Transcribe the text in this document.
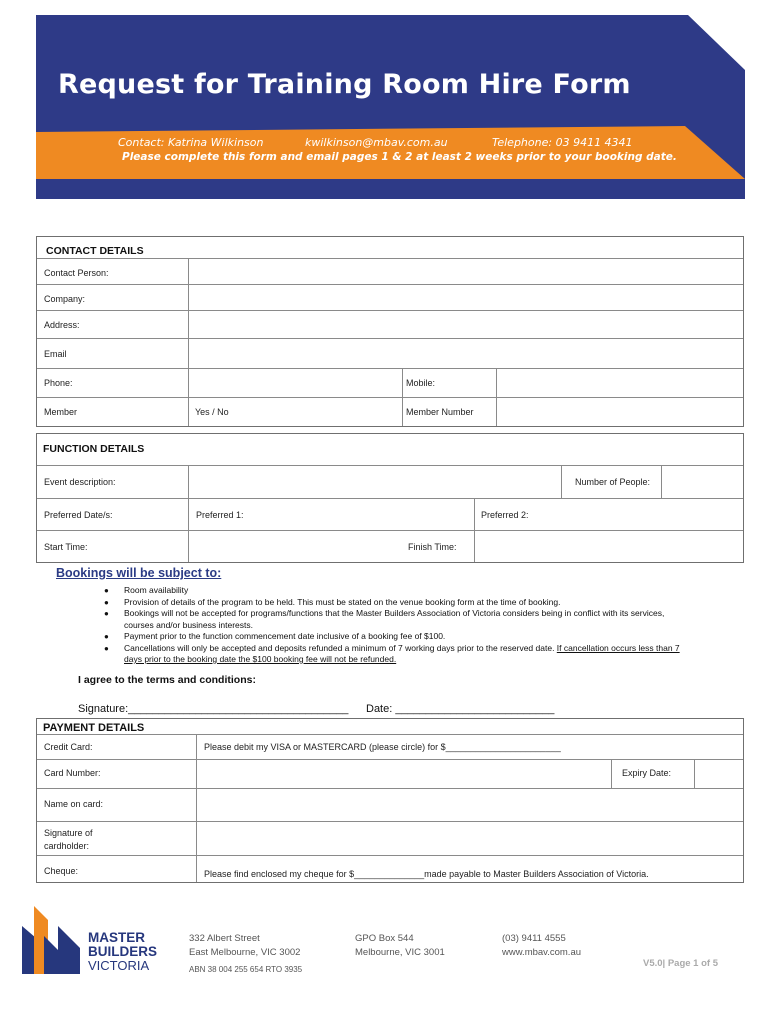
Request for Training Room Hire Form
Contact: Katrina Wilkinson	kwilkinson@mbav.com.au	Telephone: 03 9411 4341
Please complete this form and email pages 1 & 2 at least 2 weeks prior to your booking date.
CONTACT DETAILS
Contact Person:
Company:
Address:
Email
Phone:	Mobile:
Member	Yes / No	Member Number
FUNCTION DETAILS
Event description:	Number of People:
Preferred Date/s:	Preferred 1:	Preferred 2:
Start Time:	Finish Time:
Bookings will be subject to:
● Room availability
● Provision of details of the program to be held. This must be stated on the venue booking form at the time of booking.
● Bookings will not be accepted for programs/functions that the Master Builders Association of Victoria considers being in conflict with its services, courses and/or business interests.
● Payment prior to the function commencement date inclusive of a booking fee of $100.
● Cancellations will only be accepted and deposits refunded a minimum of 7 working days prior to the reserved date. If cancellation occurs less than 7 days prior to the booking date the $100 booking fee will not be refunded.
I agree to the terms and conditions:
Signature:____________________________________ Date: __________________________
PAYMENT DETAILS
Credit Card:	Please debit my VISA or MASTERCARD (please circle) for $_______________________
Card Number:	Expiry Date:
Name on card:
Signature of
cardholder:
Cheque:	Please find enclosed my cheque for $______________made payable to Master Builders Association of Victoria.
MASTER
BUILDERS
VICTORIA
332 Albert Street
East Melbourne, VIC 3002
ABN 38 004 255 654 RTO 3935
GPO Box 544
Melbourne, VIC 3001
(03) 9411 4555
www.mbav.com.au
V5.0| Page 1 of 5
